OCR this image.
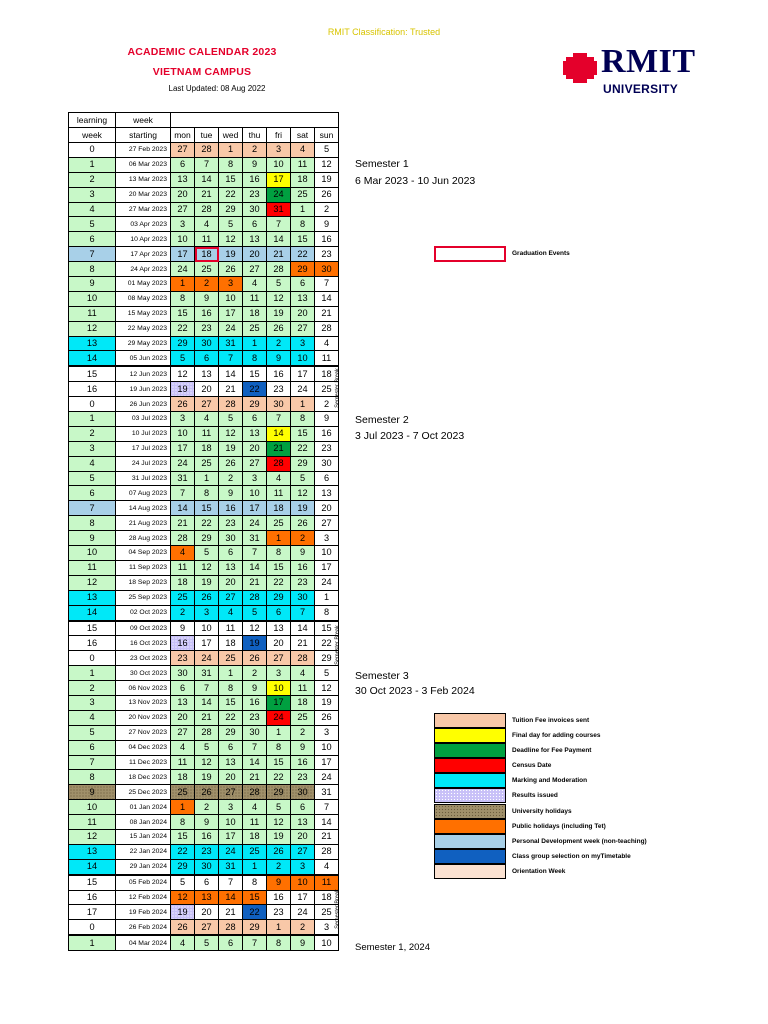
RMIT Classification: Trusted
ACADEMIC CALENDAR 2023
VIETNAM CAMPUS
Last Updated: 08 Aug 2022
RMIT
UNIVERSITY
learning	week							
week	starting	mon	tue	wed	thu	fri	sat	sun
0	27 Feb 2023	27	28	1	2	3	4	5
1	06 Mar 2023	6	7	8	9	10	11	12
2	13 Mar 2023	13	14	15	16	17	18	19
3	20 Mar 2023	20	21	22	23	24	25	26
4	27 Mar 2023	27	28	29	30	31	1	2
5	03 Apr 2023	3	4	5	6	7	8	9
6	10 Apr 2023	10	11	12	13	14	15	16
7	17 Apr 2023	17	18	19	20	21	22	23
8	24 Apr 2023	24	25	26	27	28	29	30
9	01 May 2023	1	2	3	4	5	6	7
10	08 May 2023	8	9	10	11	12	13	14
11	15 May 2023	15	16	17	18	19	20	21
12	22 May 2023	22	23	24	25	26	27	28
13	29 May 2023	29	30	31	1	2	3	4
14	05 Jun 2023	5	6	7	8	9	10	11
15	12 Jun 2023	12	13	14	15	16	17	18
16	19 Jun 2023	19	20	21	22	23	24	25
0	26 Jun 2023	26	27	28	29	30	1	2
1	03 Jul 2023	3	4	5	6	7	8	9
2	10 Jul 2023	10	11	12	13	14	15	16
3	17 Jul 2023	17	18	19	20	21	22	23
4	24 Jul 2023	24	25	26	27	28	29	30
5	31 Jul 2023	31	1	2	3	4	5	6
6	07 Aug 2023	7	8	9	10	11	12	13
7	14 Aug 2023	14	15	16	17	18	19	20
8	21 Aug 2023	21	22	23	24	25	26	27
9	28 Aug 2023	28	29	30	31	1	2	3
10	04 Sep 2023	4	5	6	7	8	9	10
11	11 Sep 2023	11	12	13	14	15	16	17
12	18 Sep 2023	18	19	20	21	22	23	24
13	25 Sep 2023	25	26	27	28	29	30	1
14	02 Oct 2023	2	3	4	5	6	7	8
15	09 Oct 2023	9	10	11	12	13	14	15
16	16 Oct 2023	16	17	18	19	20	21	22
0	23 Oct 2023	23	24	25	26	27	28	29
1	30 Oct 2023	30	31	1	2	3	4	5
2	06 Nov 2023	6	7	8	9	10	11	12
3	13 Nov 2023	13	14	15	16	17	18	19
4	20 Nov 2023	20	21	22	23	24	25	26
5	27 Nov 2023	27	28	29	30	1	2	3
6	04 Dec 2023	4	5	6	7	8	9	10
7	11 Dec 2023	11	12	13	14	15	16	17
8	18 Dec 2023	18	19	20	21	22	23	24
9	25 Dec 2023	25	26	27	28	29	30	31
10	01 Jan 2024	1	2	3	4	5	6	7
11	08 Jan 2024	8	9	10	11	12	13	14
12	15 Jan 2024	15	16	17	18	19	20	21
13	22 Jan 2024	22	23	24	25	26	27	28
14	29 Jan 2024	29	30	31	1	2	3	4
15	05 Feb 2024	5	6	7	8	9	10	11
16	12 Feb 2024	12	13	14	15	16	17	18
17	19 Feb 2024	19	20	21	22	23	24	25
0	26 Feb 2024	26	27	28	29	1	2	3
1	04 Mar 2024	4	5	6	7	8	9	10
Semester 1
6 Mar 2023 - 10 Jun 2023
Semester 2
3 Jul 2023 - 7 Oct 2023
Semester 3
30 Oct 2023 - 3 Feb 2024
Semester 1, 2024
Semester Break
Semester Break
Semester Break
Graduation Events
Tuition Fee invoices sent
Final day for adding courses
Deadline for Fee Payment
Census Date
Marking and Moderation
Results issued
University holidays
Public holidays (including Tet)
Personal Development week (non-teaching)
Class group selection on myTimetable
Orientation Week
